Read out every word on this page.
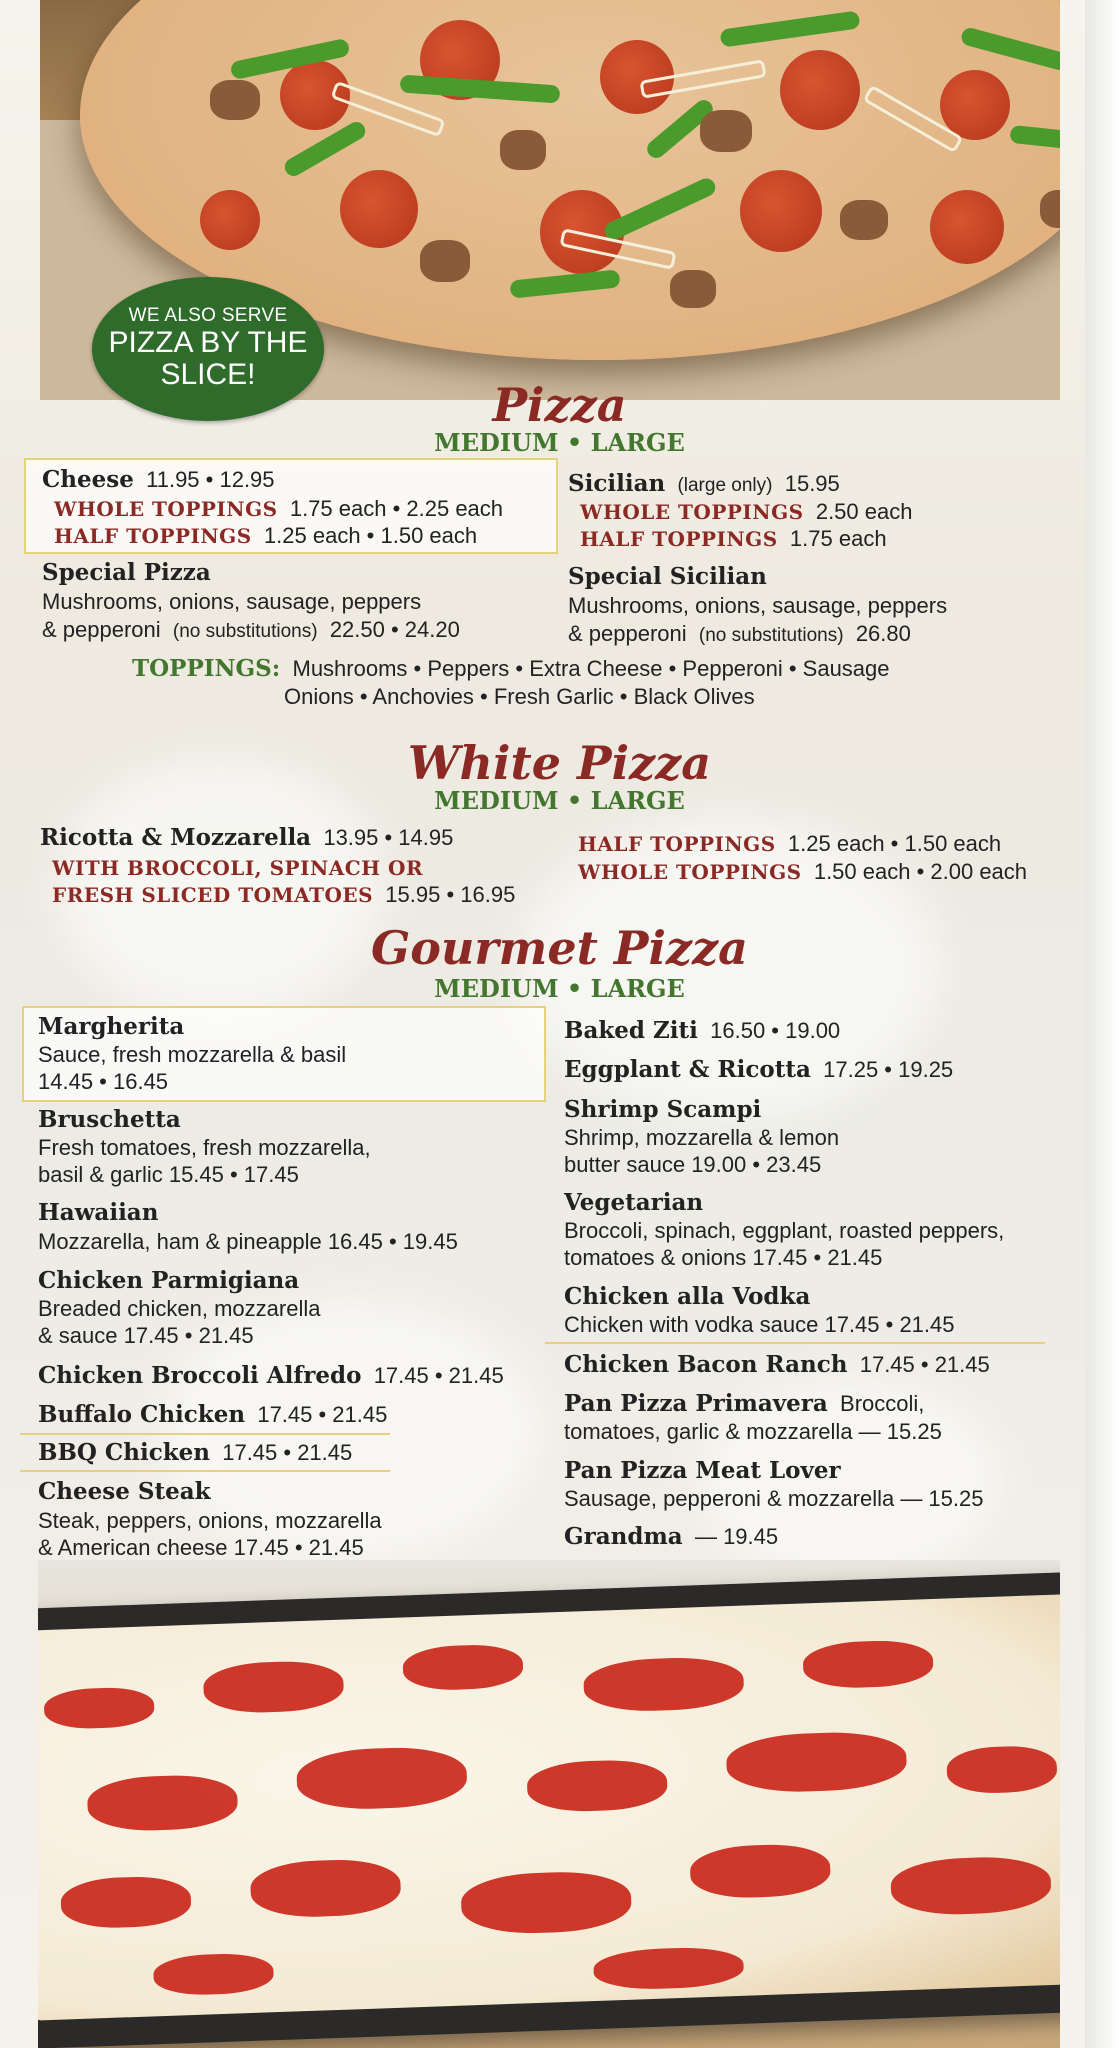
WE ALSO SERVE
PIZZA BY THE
SLICE!
Pizza
MEDIUM • LARGE
Cheese 11.95 • 12.95
WHOLE TOPPINGS 1.75 each • 2.25 each
HALF TOPPINGS 1.25 each • 1.50 each
Sicilian (large only) 15.95
WHOLE TOPPINGS 2.50 each
HALF TOPPINGS 1.75 each
Special Pizza
Mushrooms, onions, sausage, peppers
& pepperoni (no substitutions) 22.50 • 24.20
Special Sicilian
Mushrooms, onions, sausage, peppers
& pepperoni (no substitutions) 26.80
TOPPINGS: Mushrooms • Peppers • Extra Cheese • Pepperoni • Sausage
Onions • Anchovies • Fresh Garlic • Black Olives
White Pizza
MEDIUM • LARGE
Ricotta & Mozzarella 13.95 • 14.95
WITH BROCCOLI, SPINACH OR
FRESH SLICED TOMATOES 15.95 • 16.95
HALF TOPPINGS 1.25 each • 1.50 each
WHOLE TOPPINGS 1.50 each • 2.00 each
Gourmet Pizza
MEDIUM • LARGE
Margherita
Sauce, fresh mozzarella & basil
14.45 • 16.45
Bruschetta
Fresh tomatoes, fresh mozzarella,
basil & garlic 15.45 • 17.45
Hawaiian
Mozzarella, ham & pineapple 16.45 • 19.45
Chicken Parmigiana
Breaded chicken, mozzarella
& sauce 17.45 • 21.45
Chicken Broccoli Alfredo 17.45 • 21.45
Buffalo Chicken 17.45 • 21.45
BBQ Chicken 17.45 • 21.45
Cheese Steak
Steak, peppers, onions, mozzarella
& American cheese 17.45 • 21.45
Baked Ziti 16.50 • 19.00
Eggplant & Ricotta 17.25 • 19.25
Shrimp Scampi
Shrimp, mozzarella & lemon
butter sauce 19.00 • 23.45
Vegetarian
Broccoli, spinach, eggplant, roasted peppers,
tomatoes & onions 17.45 • 21.45
Chicken alla Vodka
Chicken with vodka sauce 17.45 • 21.45
Chicken Bacon Ranch 17.45 • 21.45
Pan Pizza Primavera Broccoli,
tomatoes, garlic & mozzarella — 15.25
Pan Pizza Meat Lover
Sausage, pepperoni & mozzarella — 15.25
Grandma — 19.45
